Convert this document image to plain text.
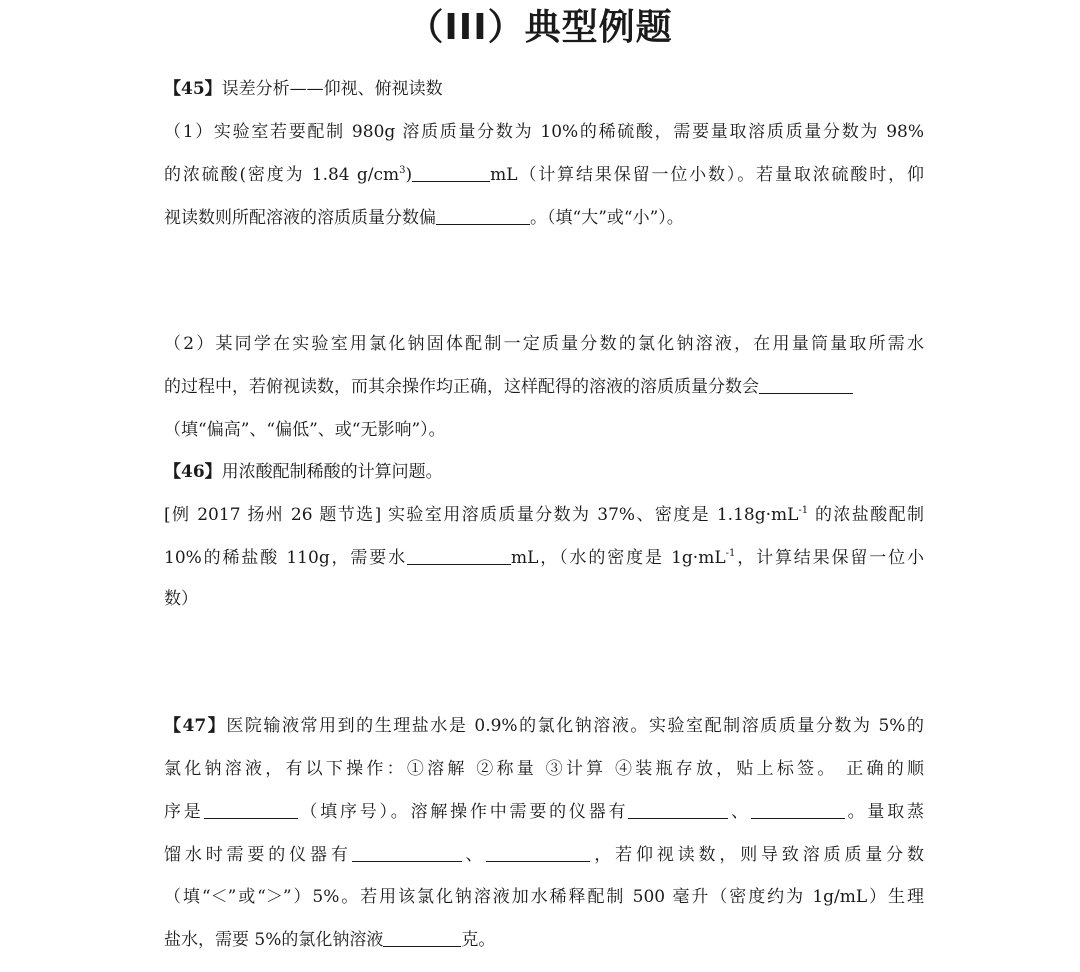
（III）典型例题
【45】误差分析——仰视、俯视读数
（1）实验室若要配制 980g 溶质质量分数为 10%的稀硫酸，需要量取溶质质量分数为 98%
的浓硫酸(密度为 1.84 $g/cm^3$)	mL（计算结果保留一位小数）。若量取浓硫酸时，仰
视读数则所配溶液的溶质质量分数偏	。（填“大”或“小”）。
（2）某同学在实验室用氯化钠固体配制一定质量分数的氯化钠溶液，在用量筒量取所需水
的过程中，若俯视读数，而其余操作均正确，这样配得的溶液的溶质质量分数会
（填“偏高”、“偏低”、或“无影响”）。
【46】用浓酸配制稀酸的计算问题。
[例 2017 扬州 26 题节选] 实验室用溶质质量分数为 37%、密度是 $1.18g\cdot mL^{-1}$ 的浓盐酸配制
10%的稀盐酸 110g，需要水	mL，（水的密度是 $1g\cdot mL^{-1}$，计算结果保留一位小
数）
【47】医院输液常用到的生理盐水是 0.9%的氯化钠溶液。实验室配制溶质质量分数为 5%的
氯化钠溶液，有以下操作：①溶解 ②称量 ③计算 ④装瓶存放，贴上标签。 正确的顺
序是	（填序号）。溶解操作中需要的仪器有	、	。量取蒸
馏水时需要的仪器有	、	，若仰视读数，则导致溶质质量分数
（填“＜”或“＞”）5%。若用该氯化钠溶液加水稀释配制 500 毫升（密度约为 1g/mL）生理
盐水，需要 5%的氯化钠溶液	克。
